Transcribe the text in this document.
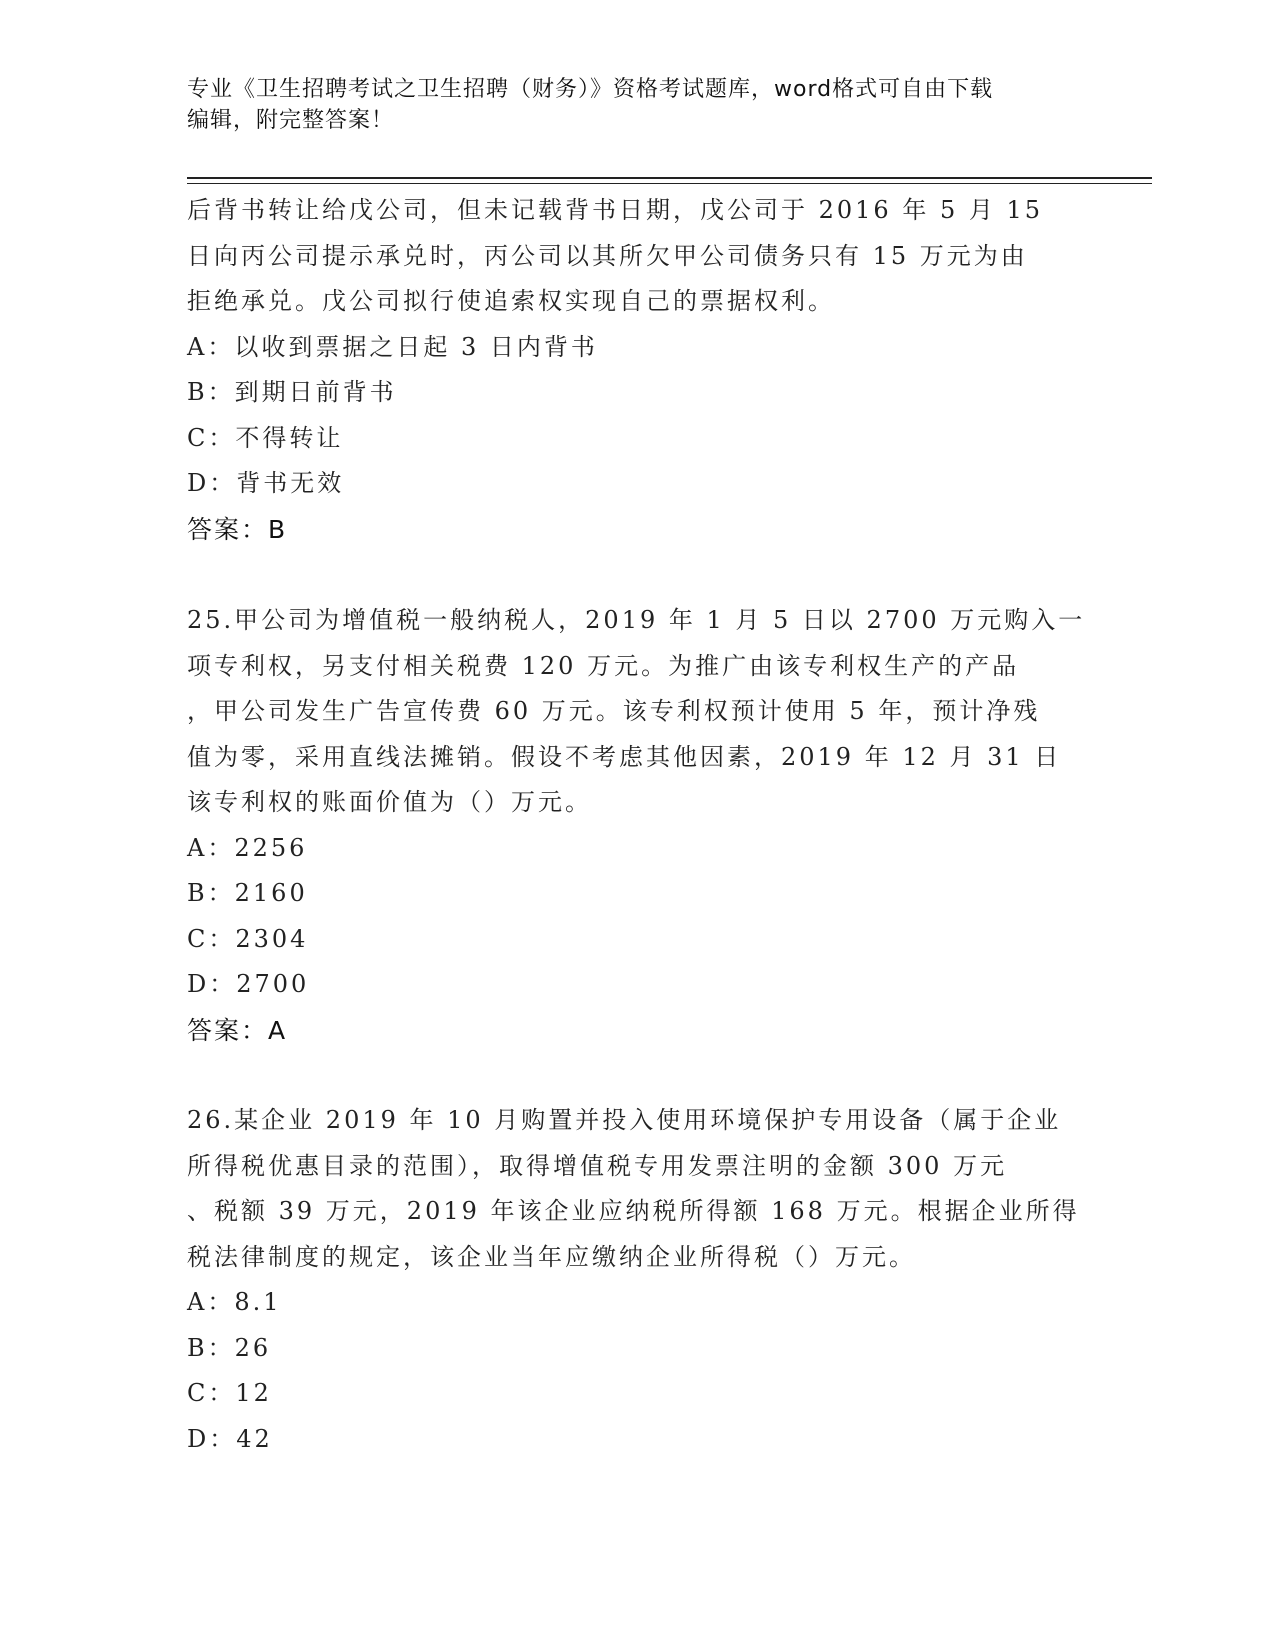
专业《卫生招聘考试之卫生招聘（财务）》资格考试题库，word格式可自由下载
编辑，附完整答案！
后背书转让给戊公司，但未记载背书日期，戊公司于 2016 年 5 月 15
日向丙公司提示承兑时，丙公司以其所欠甲公司债务只有 15 万元为由
拒绝承兑。戊公司拟行使追索权实现自己的票据权利。
A：以收到票据之日起 3 日内背书
B：到期日前背书
C：不得转让
D：背书无效
答案：B
25.甲公司为增值税一般纳税人，2019 年 1 月 5 日以 2700 万元购入一
项专利权，另支付相关税费 120 万元。为推广由该专利权生产的产品
，甲公司发生广告宣传费 60 万元。该专利权预计使用 5 年，预计净残
值为零，采用直线法摊销。假设不考虑其他因素，2019 年 12 月 31 日
该专利权的账面价值为（）万元。
A：2256
B：2160
C：2304
D：2700
答案：A
26.某企业 2019 年 10 月购置并投入使用环境保护专用设备（属于企业
所得税优惠目录的范围），取得增值税专用发票注明的金额 300 万元
、税额 39 万元，2019 年该企业应纳税所得额 168 万元。根据企业所得
税法律制度的规定，该企业当年应缴纳企业所得税（）万元。
A：8.1
B：26
C：12
D：42
